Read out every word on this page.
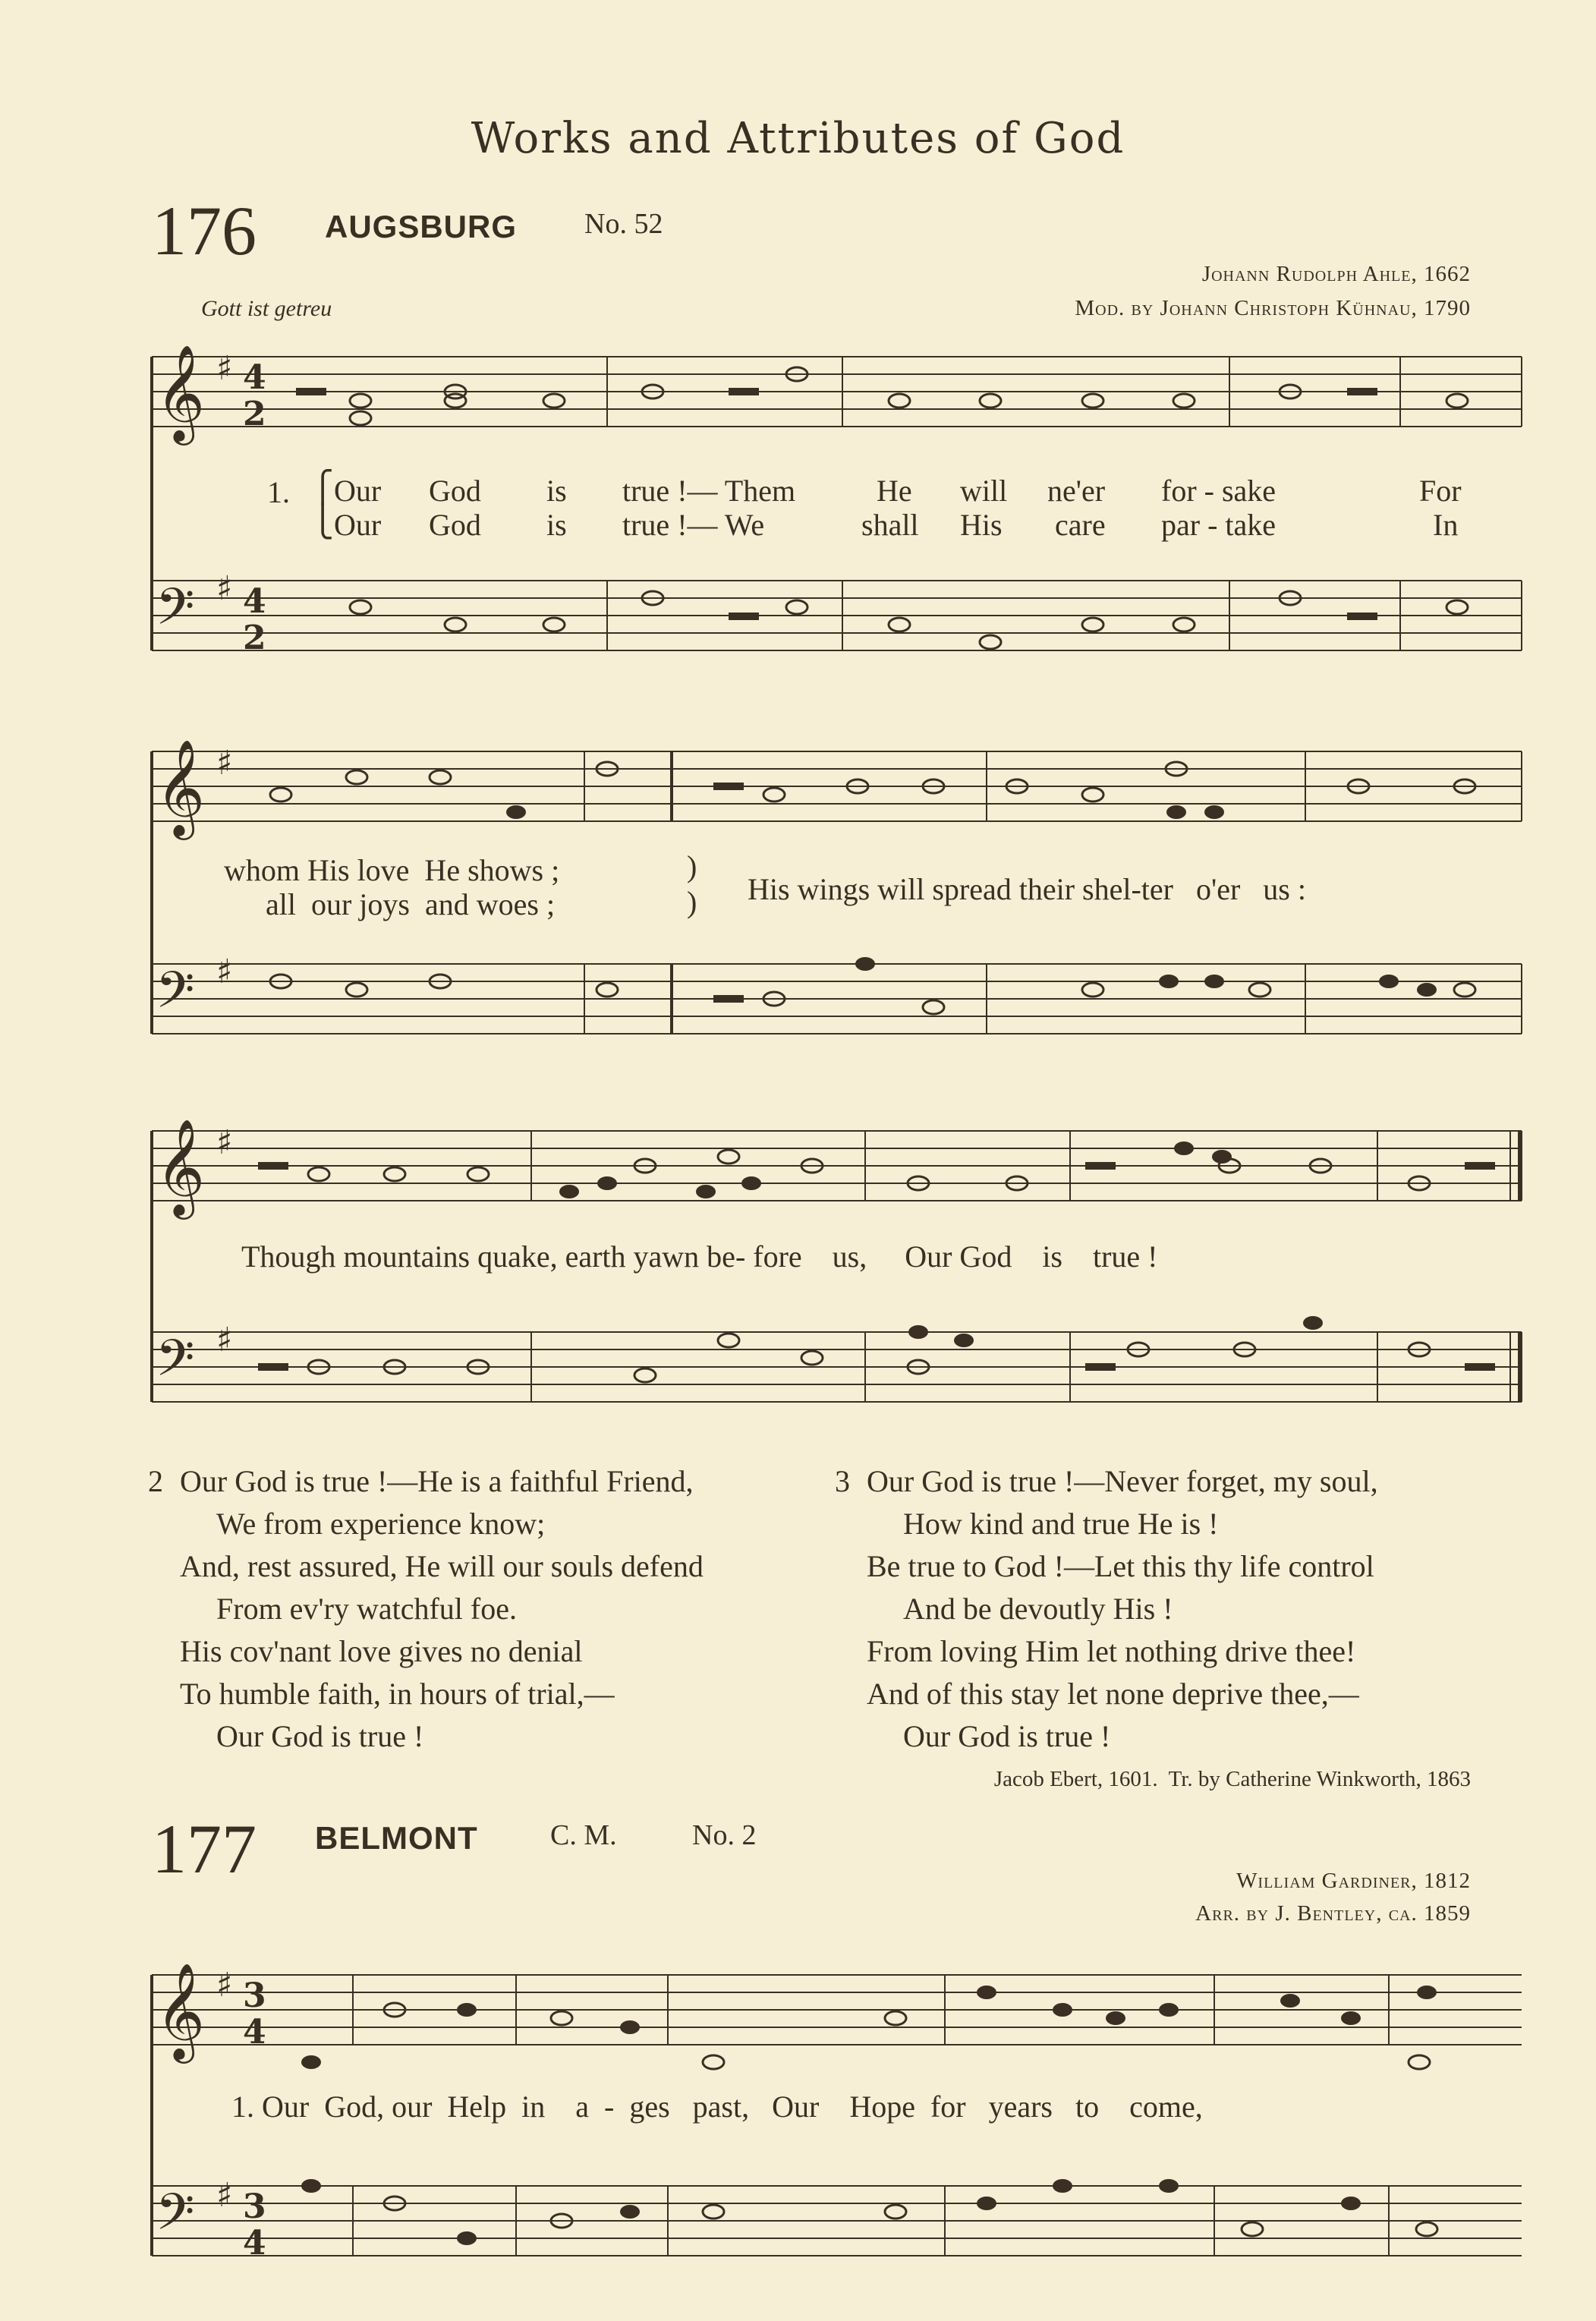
Works and Attributes of God
176 AUGSBURG No. 52
Johann Rudolph Ahle, 1662
Mod. by Johann Christoph Kühnau, 1790
Gott ist getreu
𝄞
𝄢
𝄞
𝄢
𝄞
𝄢
𝄞
𝄢
♯
♯
♯
♯
♯
♯
♯
♯
4
2
4
2
3
4
3
4
1. ⎧
⎩
Our God is true !— Them	He will ne'er for - sake	For
Our God is true !— We	shall His care par - take	In
whom His love  He shows ;
all  our joys  and woes ;
)
) His wings will spread their shel-ter   o'er   us :
Though mountains quake, earth yawn be- fore    us,     Our God    is    true !
2 Our God is true !—He is a faithful Friend,
We from experience know;
And, rest assured, He will our souls defend
From ev'ry watchful foe.
His cov'nant love gives no denial
To humble faith, in hours of trial,—
Our God is true !
3 Our God is true !—Never forget, my soul,
How kind and true He is !
Be true to God !—Let this thy life control
And be devoutly His !
From loving Him let nothing drive thee!
And of this stay let none deprive thee,—
Our God is true !
Jacob Ebert, 1601.  Tr. by Catherine Winkworth, 1863
177 BELMONT	C. M.	No. 2
William Gardiner, 1812
Arr. by J. Bentley, ca. 1859
1. Our  God, our  Help  in    a  -  ges   past,   Our    Hope  for   years   to    come,
